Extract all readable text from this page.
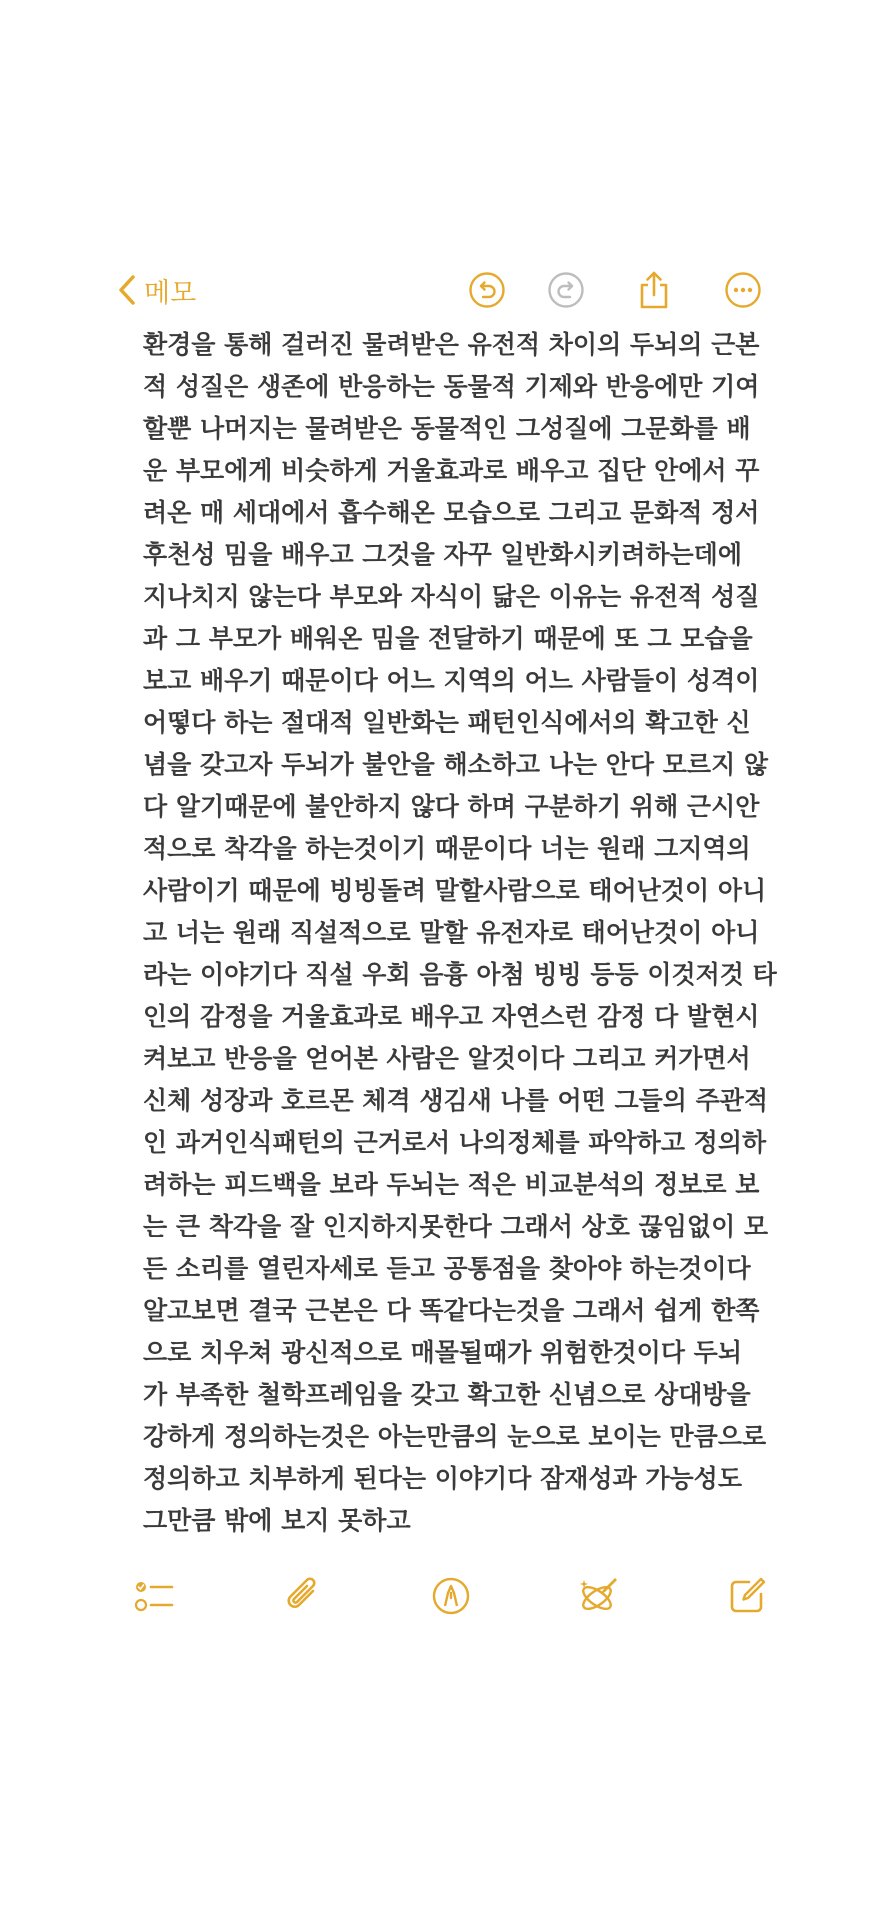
메모
환경을 통해 걸러진 물려받은 유전적 차이의 두뇌의 근본
적 성질은 생존에 반응하는 동물적 기제와 반응에만 기여
할뿐 나머지는 물려받은 동물적인 그성질에 그문화를 배
운 부모에게 비슷하게 거울효과로 배우고 집단 안에서 꾸
려온 매 세대에서 흡수해온 모습으로 그리고 문화적 정서
후천성 밈을 배우고 그것을 자꾸 일반화시키려하는데에
지나치지 않는다 부모와 자식이 닮은 이유는 유전적 성질
과 그 부모가 배워온 밈을 전달하기 때문에 또 그 모습을
보고 배우기 때문이다 어느 지역의 어느 사람들이 성격이
어떻다 하는 절대적 일반화는 패턴인식에서의 확고한 신
념을 갖고자 두뇌가 불안을 해소하고 나는 안다 모르지 않
다 알기때문에 불안하지 않다 하며 구분하기 위해 근시안
적으로 착각을 하는것이기 때문이다 너는 원래 그지역의
사람이기 때문에 빙빙돌려 말할사람으로 태어난것이 아니
고 너는 원래 직설적으로 말할 유전자로 태어난것이 아니
라는 이야기다 직설 우회 음흉 아첨 빙빙 등등 이것저것 타
인의 감정을 거울효과로 배우고 자연스런 감정 다 발현시
켜보고 반응을 얻어본 사람은 알것이다 그리고 커가면서
신체 성장과 호르몬 체격 생김새 나를 어떤 그들의 주관적
인 과거인식패턴의 근거로서 나의정체를 파악하고 정의하
려하는 피드백을 보라 두뇌는 적은 비교분석의 정보로 보
는 큰 착각을 잘 인지하지못한다 그래서 상호 끊임없이 모
든 소리를 열린자세로 듣고 공통점을 찾아야 하는것이다
알고보면 결국 근본은 다 똑같다는것을 그래서 쉽게 한쪽
으로 치우쳐 광신적으로 매몰될때가 위험한것이다 두뇌
가 부족한 철학프레임을 갖고 확고한 신념으로 상대방을
강하게 정의하는것은 아는만큼의 눈으로 보이는 만큼으로
정의하고 치부하게 된다는 이야기다 잠재성과 가능성도
그만큼 밖에 보지 못하고
